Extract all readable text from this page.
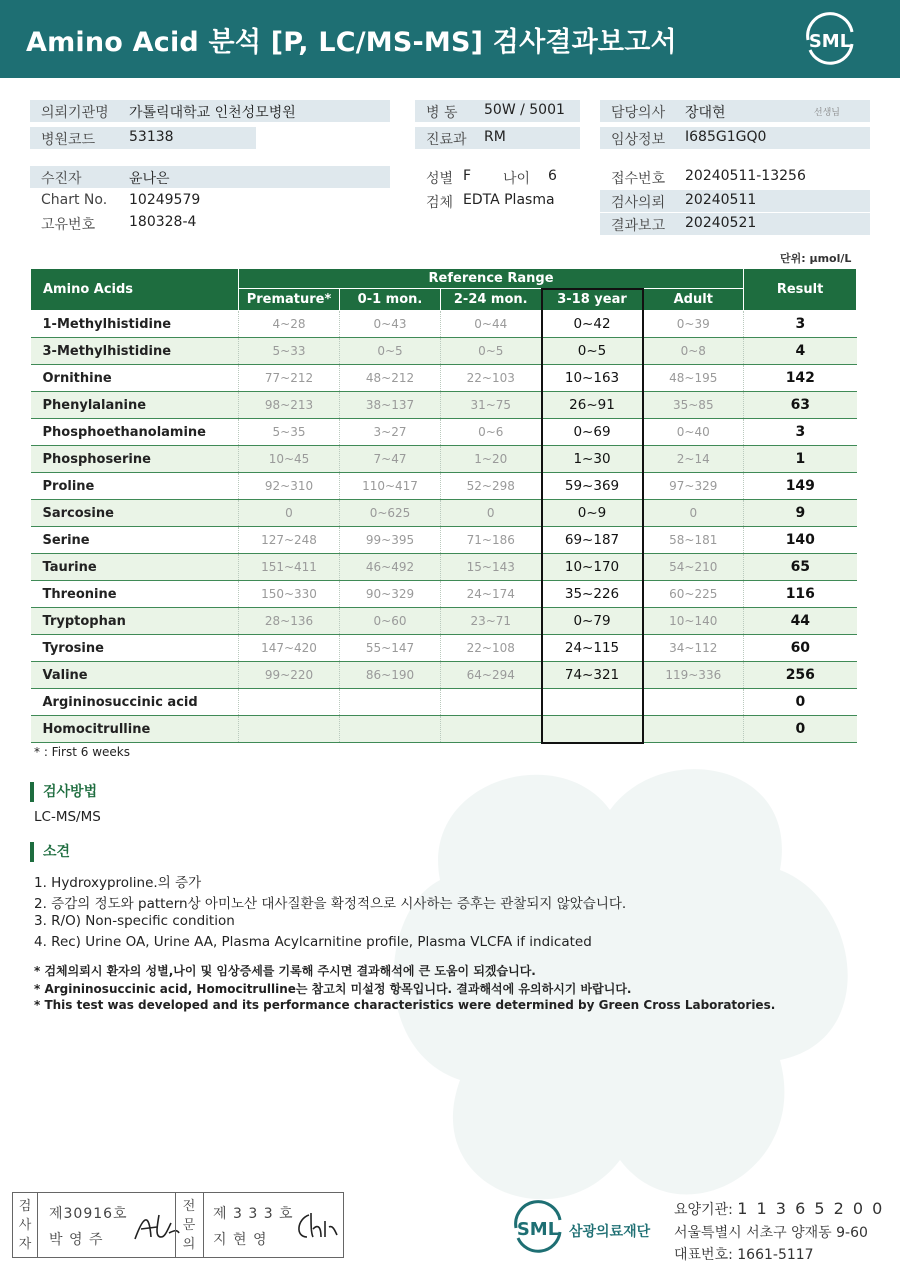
Amino Acid 분석 [P, LC/MS-MS] 검사결과보고서	SML
의뢰기관명 가톨릭대학교 인천성모병원
병원코드 53138
병 동 50W / 5001
진료과 RM
담당의사 장대현	선생님
임상정보 I685G1GQ0
수진자	윤나은
Chart No. 10249579
고유번호 180328-4
성별 F 나이 6
검체 EDTA Plasma
접수번호 20240511-13256
검사의뢰 20240511
결과보고 20240521
단위: µmol/L
Amino Acids	Reference Range					Result
	Premature*	0-1 mon.	2-24 mon.	3-18 year	Adult	
1-Methylhistidine	4~28	0~43	0~44	0~42	0~39	3
3-Methylhistidine	5~33	0~5	0~5	0~5	0~8	4
Ornithine	77~212	48~212	22~103	10~163	48~195	142
Phenylalanine	98~213	38~137	31~75	26~91	35~85	63
Phosphoethanolamine	5~35	3~27	0~6	0~69	0~40	3
Phosphoserine	10~45	7~47	1~20	1~30	2~14	1
Proline	92~310	110~417	52~298	59~369	97~329	149
Sarcosine	0	0~625	0	0~9	0	9
Serine	127~248	99~395	71~186	69~187	58~181	140
Taurine	151~411	46~492	15~143	10~170	54~210	65
Threonine	150~330	90~329	24~174	35~226	60~225	116
Tryptophan	28~136	0~60	23~71	0~79	10~140	44
Tyrosine	147~420	55~147	22~108	24~115	34~112	60
Valine	99~220	86~190	64~294	74~321	119~336	256
Argininosuccinic acid						0
Homocitrulline						0
* : First 6 weeks
검사방법
LC-MS/MS
소견
1. Hydroxyproline.의 증가
2. 증감의 정도와 pattern상 아미노산 대사질환을 확정적으로 시사하는 증후는 관찰되지 않았습니다.
3. R/O) Non-specific condition
4. Rec) Urine OA, Urine AA, Plasma Acylcarnitine profile, Plasma VLCFA if indicated
* 검체의뢰시 환자의 성별,나이 및 임상증세를 기록해 주시면 결과해석에 큰 도움이 되겠습니다.
* Argininosuccinic acid, Homocitrulline는 참고치 미설정 항목입니다. 결과해석에 유의하시기 바랍니다.
* This test was developed and its performance characteristics were determined by Green Cross Laboratories.
검사자
제30916호
박 영 주
전문의
제 3 3 3 호
지 현 영	SML 삼광의료재단
요양기관: 1 1 3 6 5 2 0 0
서울특별시 서초구 양재동 9-60
대표번호: 1661-5117
